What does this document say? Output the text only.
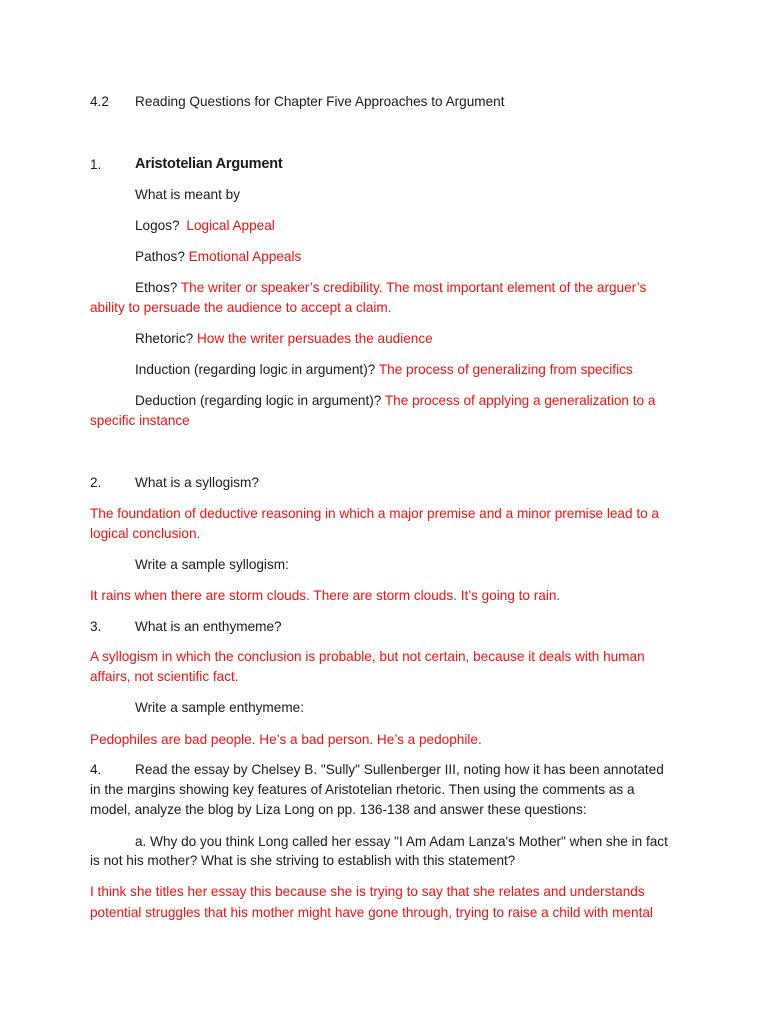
4.2 Reading Questions for Chapter Five Approaches to Argument
1. Aristotelian Argument
What is meant by
Logos? Logical Appeal
Pathos? Emotional Appeals
Ethos? The writer or speaker’s credibility. The most important element of the arguer’s
ability to persuade the audience to accept a claim.
Rhetoric? How the writer persuades the audience
Induction (regarding logic in argument)? The process of generalizing from specifics
Deduction (regarding logic in argument)? The process of applying a generalization to a
specific instance
2. What is a syllogism?
The foundation of deductive reasoning in which a major premise and a minor premise lead to a
logical conclusion.
Write a sample syllogism:
It rains when there are storm clouds. There are storm clouds. It’s going to rain.
3. What is an enthymeme?
A syllogism in which the conclusion is probable, but not certain, because it deals with human
affairs, not scientific fact.
Write a sample enthymeme:
Pedophiles are bad people. He’s a bad person. He’s a pedophile.
4. Read the essay by Chelsey B. "Sully" Sullenberger III, noting how it has been annotated
in the margins showing key features of Aristotelian rhetoric. Then using the comments as a
model, analyze the blog by Liza Long on pp. 136-138 and answer these questions:
a. Why do you think Long called her essay "I Am Adam Lanza's Mother" when she in fact
is not his mother? What is she striving to establish with this statement?
I think she titles her essay this because she is trying to say that she relates and understands
potential struggles that his mother might have gone through, trying to raise a child with mental
